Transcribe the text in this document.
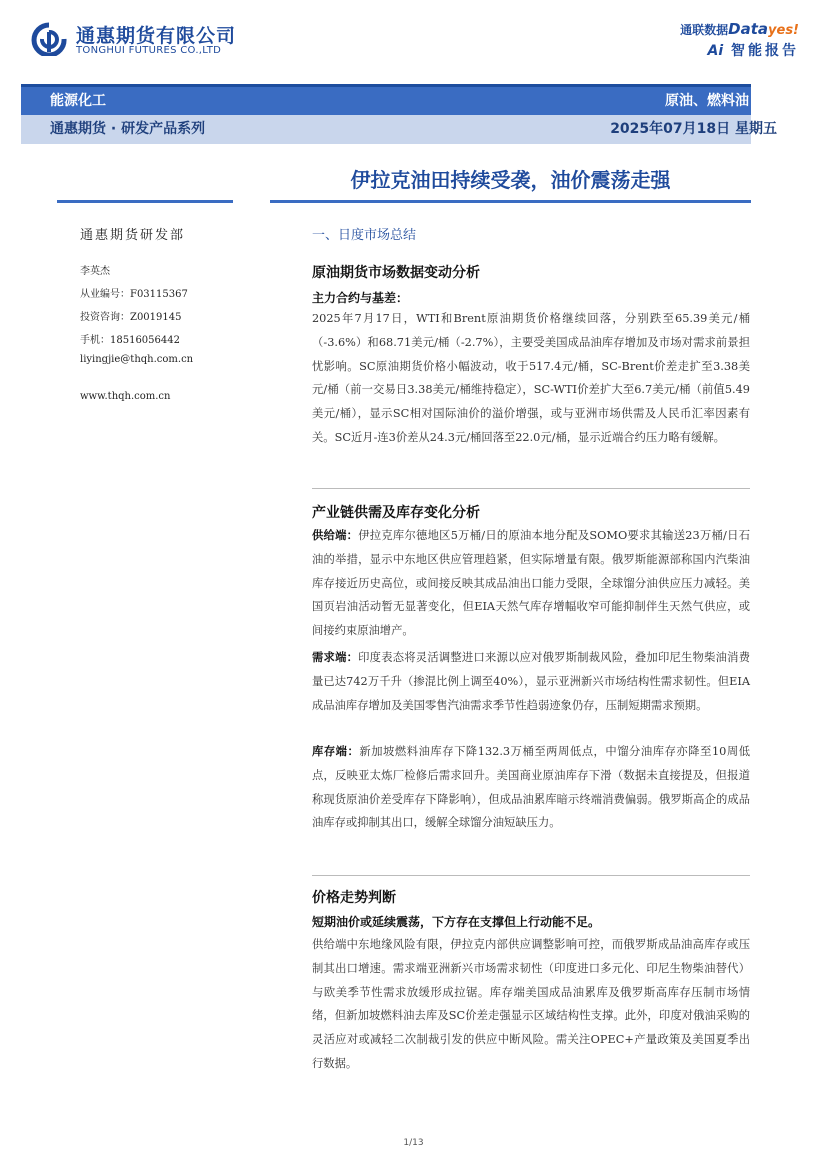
通惠期货有限公司
TONGHUI FUTURES CO.,LTD
通联数据Datayes!
Ai 智能报告
能源化工	原油、燃料油日报
通惠期货 · 研发产品系列	2025年07月18日 星期五
伊拉克油田持续受袭，油价震荡走强
通惠期货研发部
李英杰
从业编号：F03115367
投资咨询：Z0019145
手机：18516056442
liyingjie@thqh.com.cn
www.thqh.com.cn
一、日度市场总结
原油期货市场数据变动分析
主力合约与基差：
2025年7月17日，WTI和Brent原油期货价格继续回落，分别跌至65.39美元/桶（-3.6%）和68.71美元/桶（-2.7%），主要受美国成品油库存增加及市场对需求前景担忧影响。SC原油期货价格小幅波动，收于517.4元/桶，SC-Brent价差走扩至3.38美元/桶（前一交易日3.38美元/桶维持稳定），SC-WTI价差扩大至6.7美元/桶（前值5.49美元/桶），显示SC相对国际油价的溢价增强，或与亚洲市场供需及人民币汇率因素有关。SC近月-连3价差从24.3元/桶回落至22.0元/桶，显示近端合约压力略有缓解。
产业链供需及库存变化分析
供给端：伊拉克库尔德地区5万桶/日的原油本地分配及SOMO要求其输送23万桶/日石油的举措，显示中东地区供应管理趋紧，但实际增量有限。俄罗斯能源部称国内汽柴油库存接近历史高位，或间接反映其成品油出口能力受限，全球馏分油供应压力减轻。美国页岩油活动暂无显著变化，但EIA天然气库存增幅收窄可能抑制伴生天然气供应，或间接约束原油增产。
需求端：印度表态将灵活调整进口来源以应对俄罗斯制裁风险，叠加印尼生物柴油消费量已达742万千升（掺混比例上调至40%），显示亚洲新兴市场结构性需求韧性。但EIA成品油库存增加及美国零售汽油需求季节性趋弱迹象仍存，压制短期需求预期。
库存端：新加坡燃料油库存下降132.3万桶至两周低点，中馏分油库存亦降至10周低点，反映亚太炼厂检修后需求回升。美国商业原油库存下滑（数据未直接提及，但报道称现货原油价差受库存下降影响），但成品油累库暗示终端消费偏弱。俄罗斯高企的成品油库存或抑制其出口，缓解全球馏分油短缺压力。
价格走势判断
短期油价或延续震荡，下方存在支撑但上行动能不足。
供给端中东地缘风险有限，伊拉克内部供应调整影响可控，而俄罗斯成品油高库存或压制其出口增速。需求端亚洲新兴市场需求韧性（印度进口多元化、印尼生物柴油替代）与欧美季节性需求放缓形成拉锯。库存端美国成品油累库及俄罗斯高库存压制市场情绪，但新加坡燃料油去库及SC价差走强显示区域结构性支撑。此外，印度对俄油采购的灵活应对或减轻二次制裁引发的供应中断风险。需关注OPEC+产量政策及美国夏季出行数据。
1/13
